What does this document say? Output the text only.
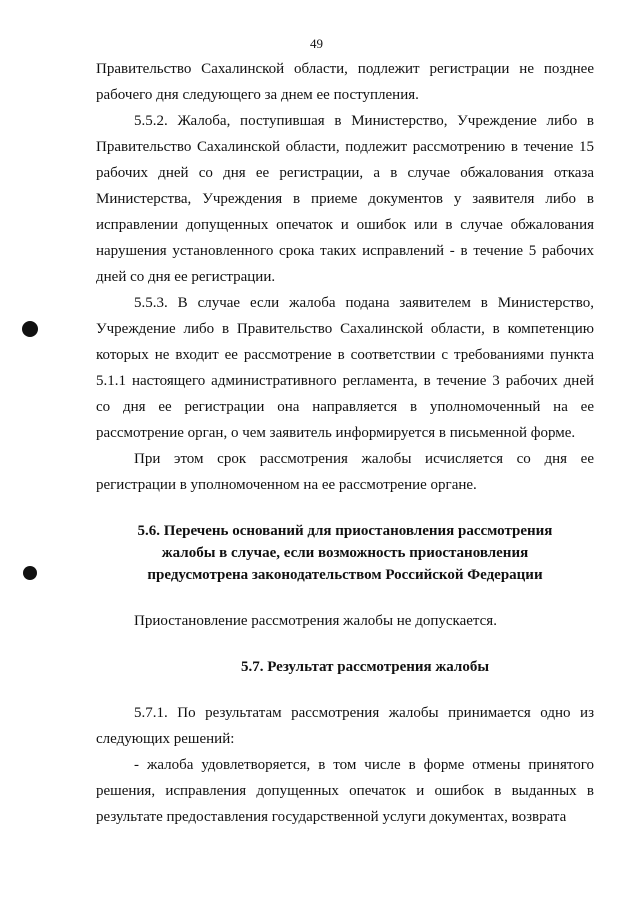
49

Правительство Сахалинской области, подлежит регистрации не позднее рабочего дня следующего за днем ее поступления.

5.5.2. Жалоба, поступившая в Министерство, Учреждение либо в Правительство Сахалинской области, подлежит рассмотрению в течение 15 рабочих дней со дня ее регистрации, а в случае обжалования отказа Министерства, Учреждения в приеме документов у заявителя либо в исправлении допущенных опечаток и ошибок или в случае обжалования нарушения установленного срока таких исправлений - в течение 5 рабочих дней со дня ее регистрации.

5.5.3. В случае если жалоба подана заявителем в Министерство, Учреждение либо в Правительство Сахалинской области, в компетенцию которых не входит ее рассмотрение в соответствии с требованиями пункта 5.1.1 настоящего административного регламента, в течение 3 рабочих дней со дня ее регистрации она направляется в уполномоченный на ее рассмотрение орган, о чем заявитель информируется в письменной форме.

При этом срок рассмотрения жалобы исчисляется со дня ее регистрации в уполномоченном на ее рассмотрение органе.

5.6. Перечень оснований для приостановления рассмотрения жалобы в случае, если возможность приостановления предусмотрена законодательством Российской Федерации

Приостановление рассмотрения жалобы не допускается.

5.7. Результат рассмотрения жалобы

5.7.1. По результатам рассмотрения жалобы принимается одно из следующих решений:

- жалоба удовлетворяется, в том числе в форме отмены принятого решения, исправления допущенных опечаток и ошибок в выданных в результате предоставления государственной услуги документах, возврата
